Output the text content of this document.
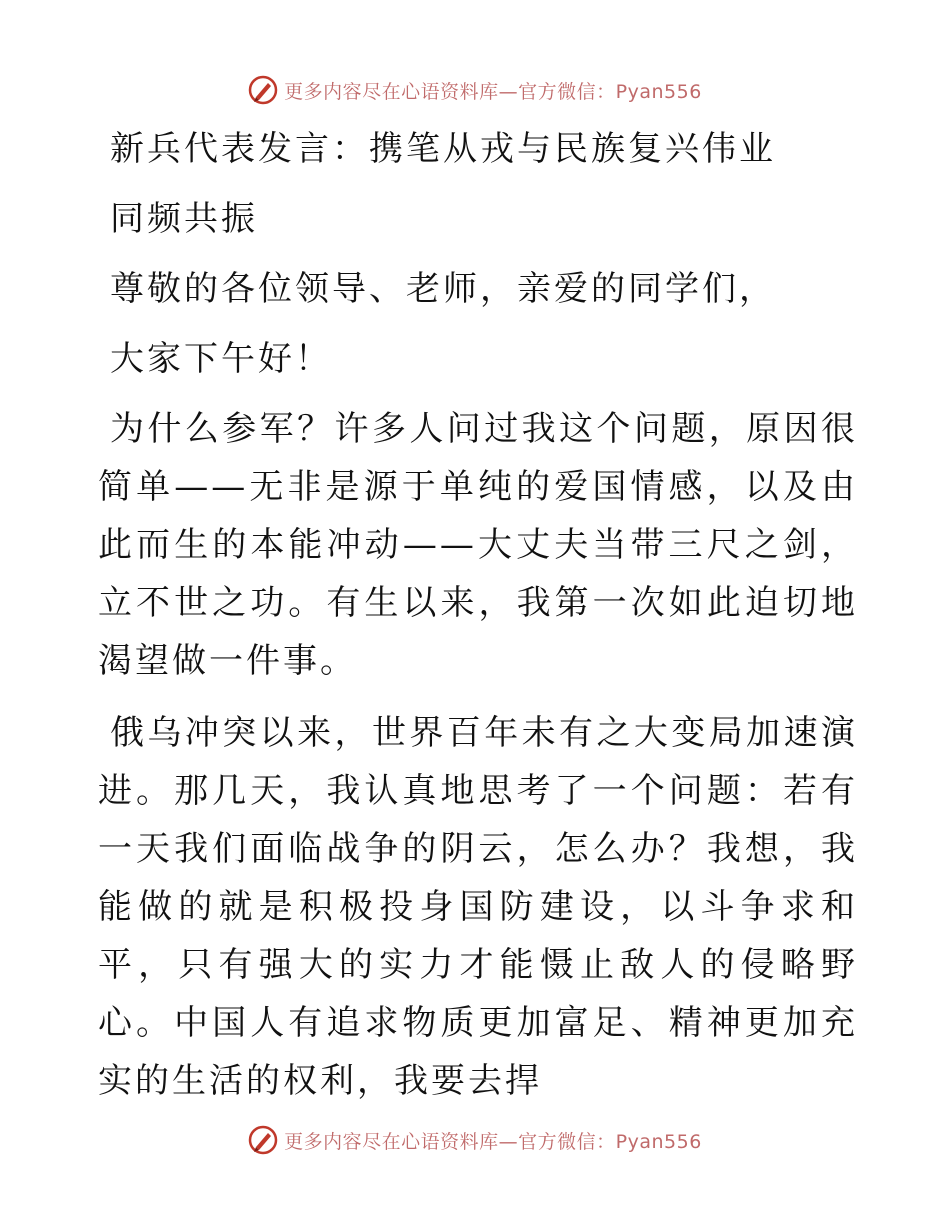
更多内容尽在心语资料库—官方微信：Pyan556

新兵代表发言：携笔从戎与民族复兴伟业

同频共振

尊敬的各位领导、老师，亲爱的同学们，

大家下午好！

为什么参军？许多人问过我这个问题，原因很简单——无非是源于单纯的爱国情感，以及由此而生的本能冲动——大丈夫当带三尺之剑，立不世之功。有生以来，我第一次如此迫切地渴望做一件事。

俄乌冲突以来，世界百年未有之大变局加速演进。那几天，我认真地思考了一个问题：若有一天我们面临战争的阴云，怎么办？我想，我能做的就是积极投身国防建设，以斗争求和平，只有强大的实力才能慑止敌人的侵略野心。中国人有追求物质更加富足、精神更加充实的生活的权利，我要去捍

更多内容尽在心语资料库—官方微信：Pyan556
